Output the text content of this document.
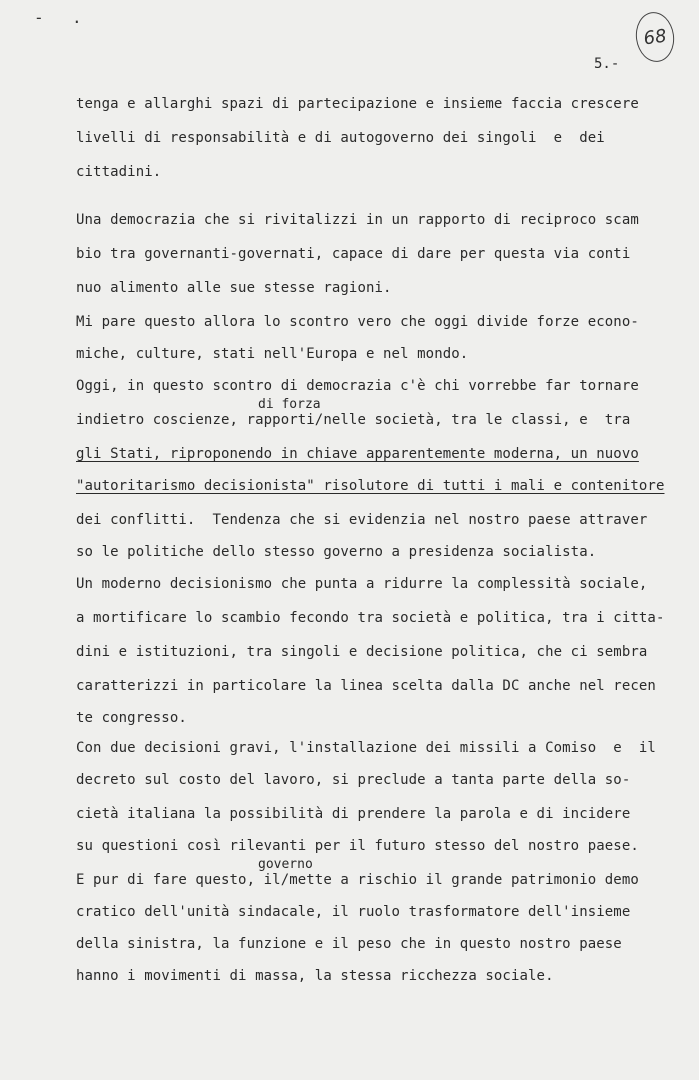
- .
68
5.-
tenga e allarghi spazi di partecipazione e insieme faccia crescere
livelli di responsabilità e di autogoverno dei singoli  e  dei
cittadini.
Una democrazia che si rivitalizzi in un rapporto di reciproco scam
bio tra governanti-governati, capace di dare per questa via conti
nuo alimento alle sue stesse ragioni.
Mi pare questo allora lo scontro vero che oggi divide forze econo-
miche, culture, stati nell'Europa e nel mondo.
Oggi, in questo scontro di democrazia c'è chi vorrebbe far tornare
di forza
indietro coscienze, rapporti/nelle società, tra le classi, e  tra
gli Stati, riproponendo in chiave apparentemente moderna, un nuovo
"autoritarismo decisionista" risolutore di tutti i mali e contenitore
dei conflitti.  Tendenza che si evidenzia nel nostro paese attraver
so le politiche dello stesso governo a presidenza socialista.
Un moderno decisionismo che punta a ridurre la complessità sociale,
a mortificare lo scambio fecondo tra società e politica, tra i citta-
dini e istituzioni, tra singoli e decisione politica, che ci sembra
caratterizzi in particolare la linea scelta dalla DC anche nel recen
te congresso.
Con due decisioni gravi, l'installazione dei missili a Comiso  e  il
decreto sul costo del lavoro, si preclude a tanta parte della so-
cietà italiana la possibilità di prendere la parola e di incidere
su questioni così rilevanti per il futuro stesso del nostro paese.
governo
E pur di fare questo, il/mette a rischio il grande patrimonio demo
cratico dell'unità sindacale, il ruolo trasformatore dell'insieme
della sinistra, la funzione e il peso che in questo nostro paese
hanno i movimenti di massa, la stessa ricchezza sociale.
